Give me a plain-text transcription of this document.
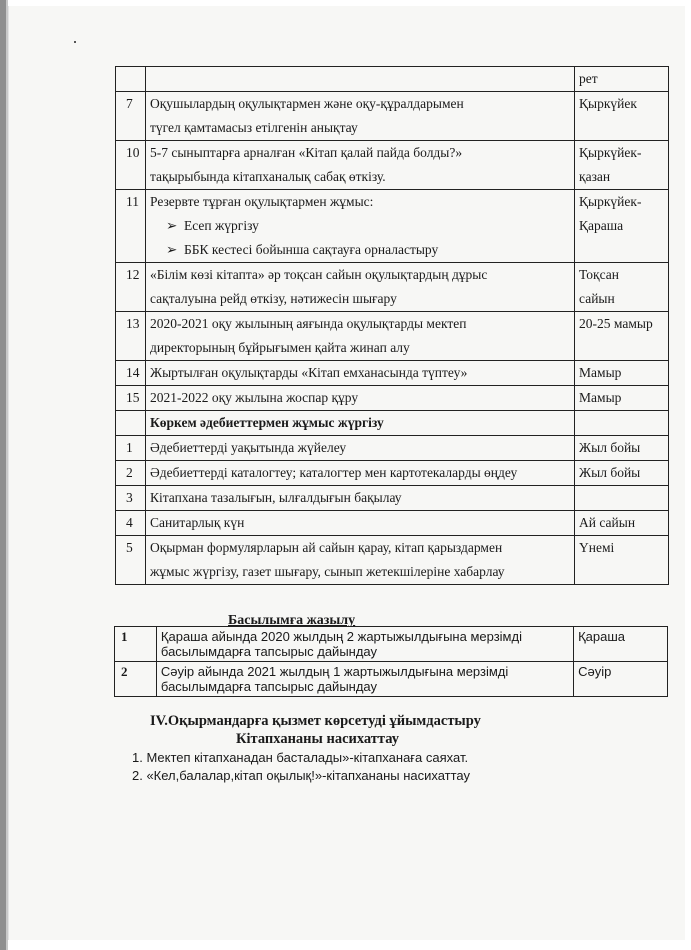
		рет

7	Оқушылардың оқулықтармен және оқу-құралдарымен
түгел қамтамасыз етілгенін анықтау	Қыркүйек

10	5-7 сыныптарға арналған «Кітап қалай пайда болды?»
тақырыбында кітапханалық сабақ өткізу.	Қыркүйек-
қазан

11	Резервте тұрған оқулықтармен жұмыс:
➢ Есеп жүргізу
➢ ББК кестесі бойынша сақтауға орналастыру	Қыркүйек-
Қараша

12	«Білім көзі кітапта» әр тоқсан сайын оқулықтардың дұрыс
сақталуына рейд өткізу, нәтижесін шығару	Тоқсан
сайын

13	2020-2021 оқу жылының аяғында оқулықтарды мектеп
директорының бұйрығымен қайта жинап алу	20-25 мамыр

14	Жыртылған оқулықтарды «Кітап емханасында түптеу»	Мамыр

15	2021-2022 оқу жылына жоспар құру	Мамыр

	Көркем әдебиеттермен жұмыс жүргізу	

1	Әдебиеттерді уақытында жүйелеу	Жыл бойы

2	Әдебиеттерді каталогтеу; каталогтер мен картотекаларды өңдеу	Жыл бойы

3	Кітапхана тазалығын, ылғалдығын бақылау	

4	Санитарлық күн	Ай сайын

5	Оқырман формулярларын ай сайын қарау, кітап қарыздармен
жұмыс жүргізу, газет шығару, сынып жетекшілеріне хабарлау	Үнемі
Басылымға жазылу
1	Қараша айында 2020 жылдың 2 жартыжылдығына мерзімді басылымдарға тапсырыс дайындау	Қараша
2	Сәуір айында 2021 жылдың 1 жартыжылдығына мерзімді басылымдарға тапсырыс дайындау	Сәуір
IV.Оқырмандарға қызмет көрсетуді ұйымдастыру
Кітапхананы насихаттау
1. Мектеп кітапханадан басталады»-кітапханаға саяхат.
2. «Кел,балалар,кітап оқылық!»-кітапхананы насихаттау
